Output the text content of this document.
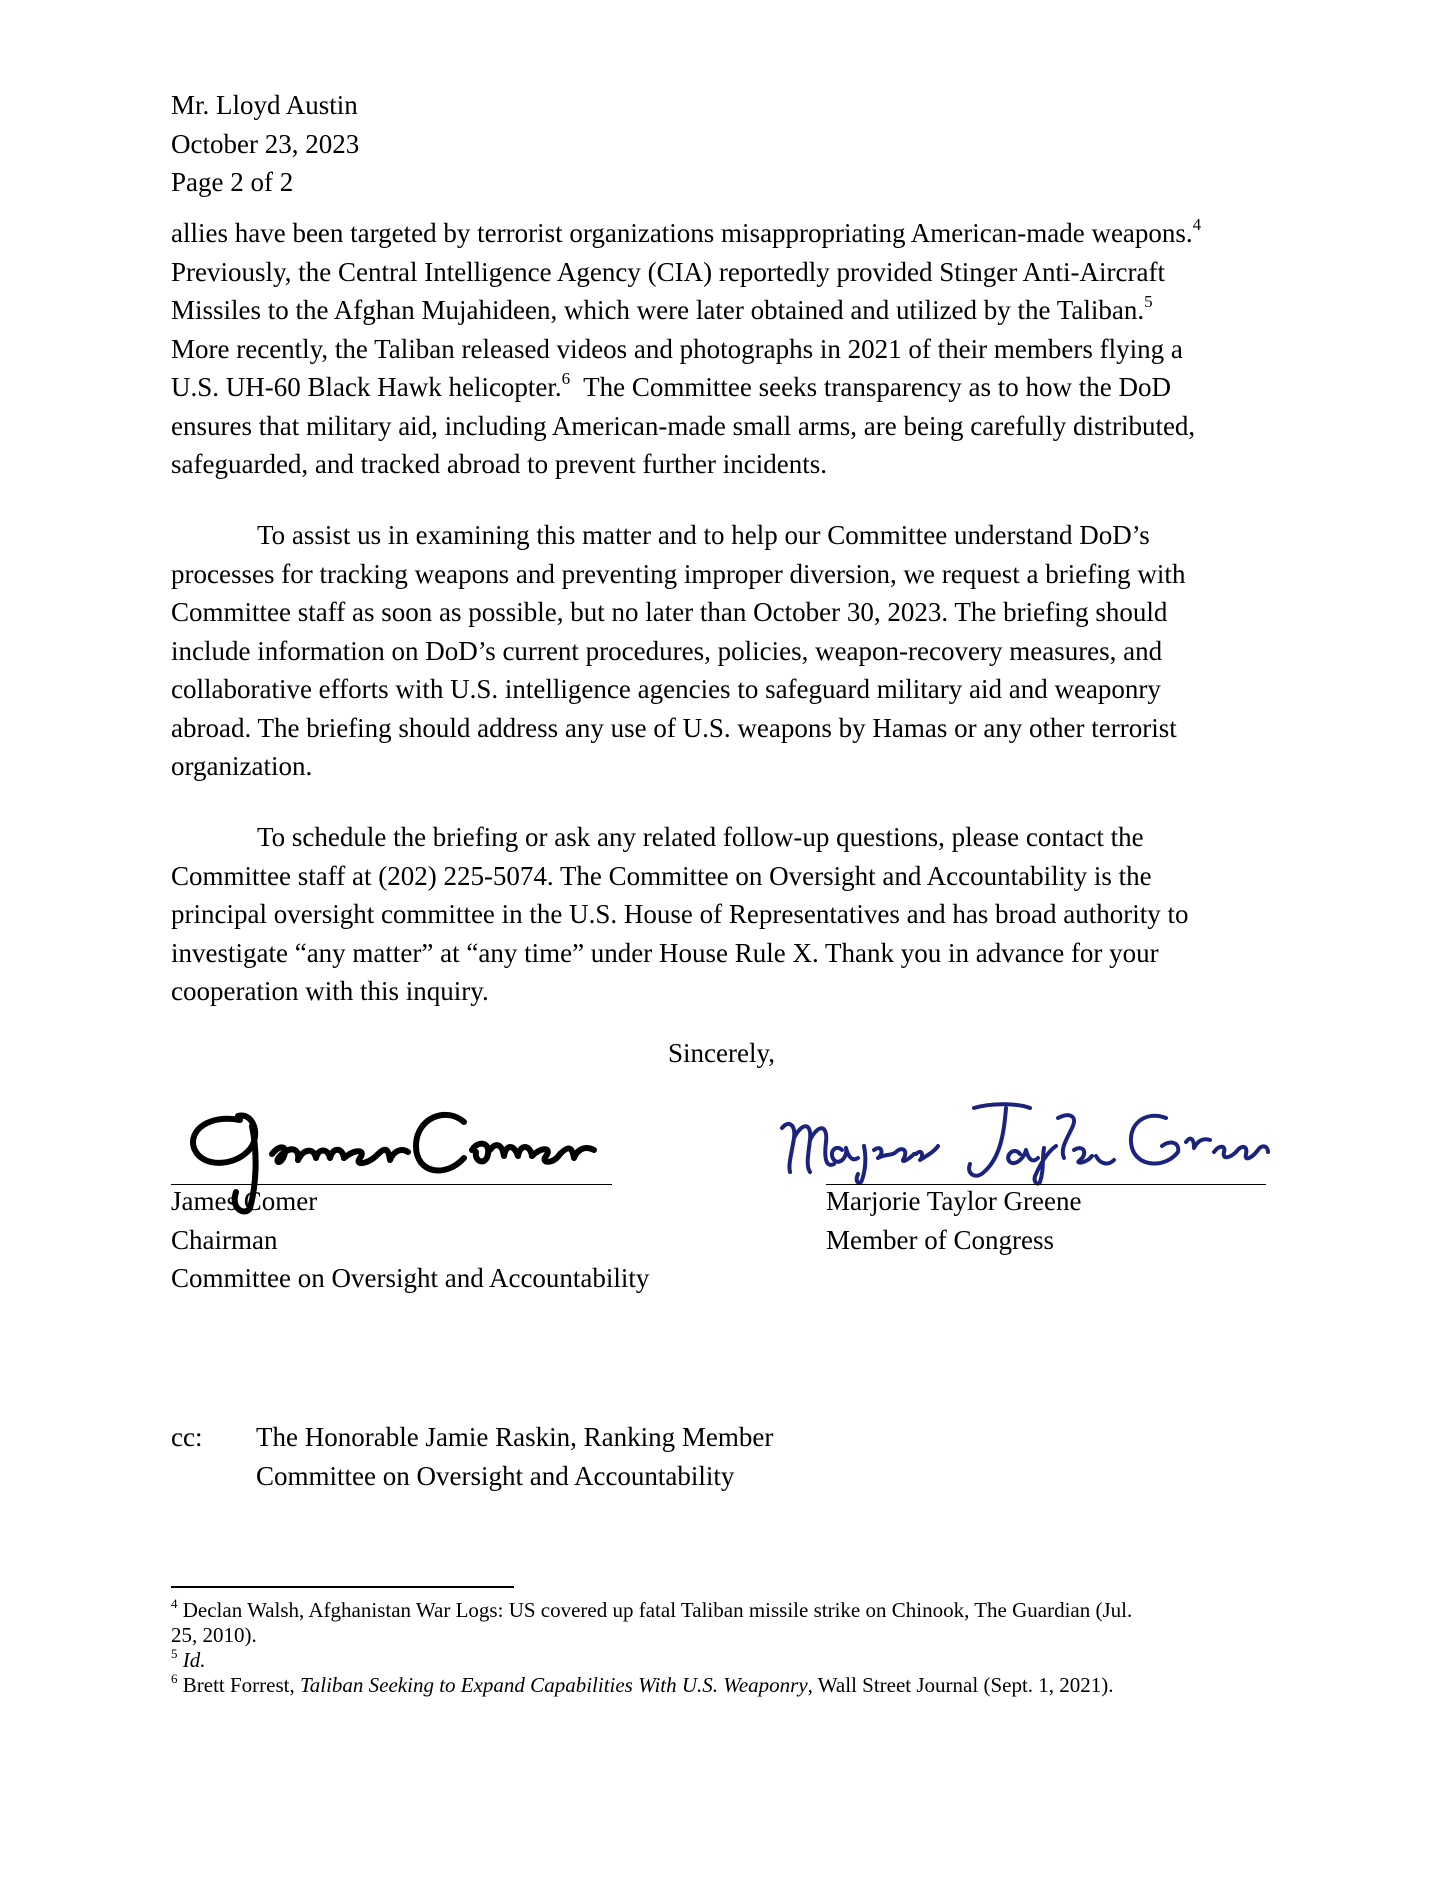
Mr. Lloyd Austin
October 23, 2023
Page 2 of 2

allies have been targeted by terrorist organizations misappropriating American-made weapons.$^4$
Previously, the Central Intelligence Agency (CIA) reportedly provided Stinger Anti-Aircraft
Missiles to the Afghan Mujahideen, which were later obtained and utilized by the Taliban.$^5$
More recently, the Taliban released videos and photographs in 2021 of their members flying a
U.S. UH-60 Black Hawk helicopter.$^6$  The Committee seeks transparency as to how the DoD
ensures that military aid, including American-made small arms, are being carefully distributed,
safeguarded, and tracked abroad to prevent further incidents.

To assist us in examining this matter and to help our Committee understand DoD’s
processes for tracking weapons and preventing improper diversion, we request a briefing with
Committee staff as soon as possible, but no later than October 30, 2023. The briefing should
include information on DoD’s current procedures, policies, weapon-recovery measures, and
collaborative efforts with U.S. intelligence agencies to safeguard military aid and weaponry
abroad. The briefing should address any use of U.S. weapons by Hamas or any other terrorist
organization.

To schedule the briefing or ask any related follow-up questions, please contact the
Committee staff at (202) 225-5074. The Committee on Oversight and Accountability is the
principal oversight committee in the U.S. House of Representatives and has broad authority to
investigate “any matter” at “any time” under House Rule X. Thank you in advance for your
cooperation with this inquiry.

Sincerely,
James Comer
Chairman
Committee on Oversight and Accountability
Marjorie Taylor Greene
Member of Congress
cc: The Honorable Jamie Raskin, Ranking Member
Committee on Oversight and Accountability
$^4$ Declan Walsh, Afghanistan War Logs: US covered up fatal Taliban missile strike on Chinook, The Guardian (Jul.
25, 2010).
$^5$ Id.
$^6$ Brett Forrest, Taliban Seeking to Expand Capabilities With U.S. Weaponry, Wall Street Journal (Sept. 1, 2021).
